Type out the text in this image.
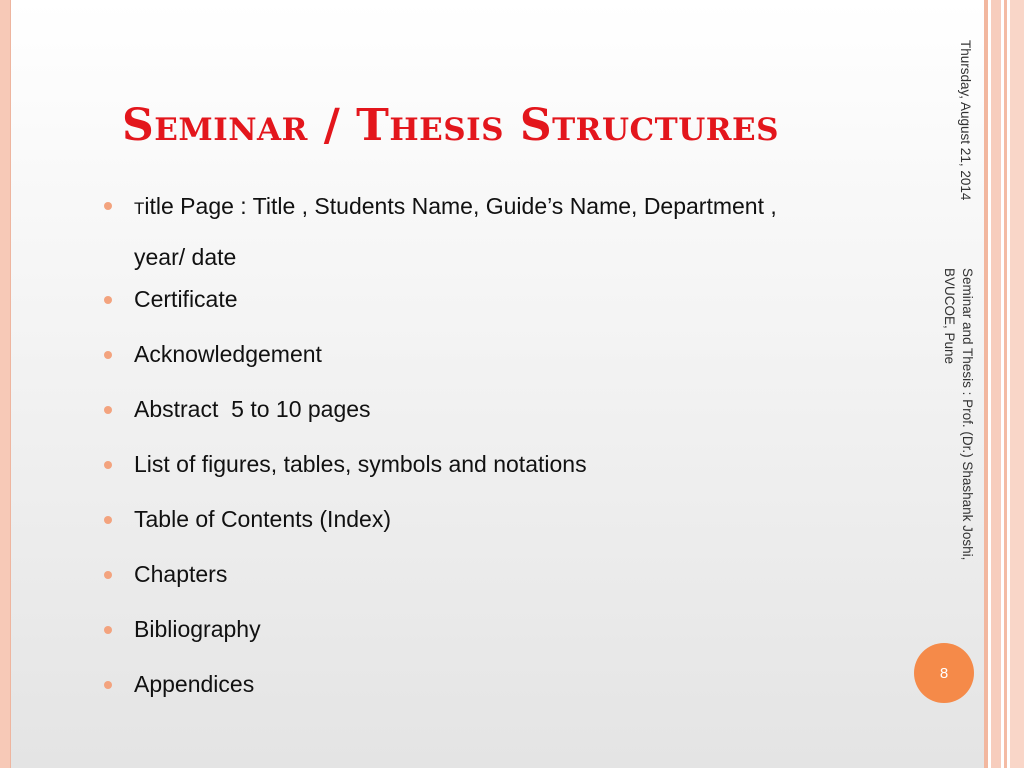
Seminar / Thesis Structures
Title Page : Title , Students Name, Guide’s Name, Department , year/ date
Certificate
Acknowledgement
Abstract  5 to 10 pages
List of figures, tables, symbols and notations
Table of Contents (Index)
Chapters
Bibliography
Appendices
Thursday, August 21, 2014
Seminar and Thesis : Prof. (Dr.) Shashank Joshi, BVUCOE, Pune
8
